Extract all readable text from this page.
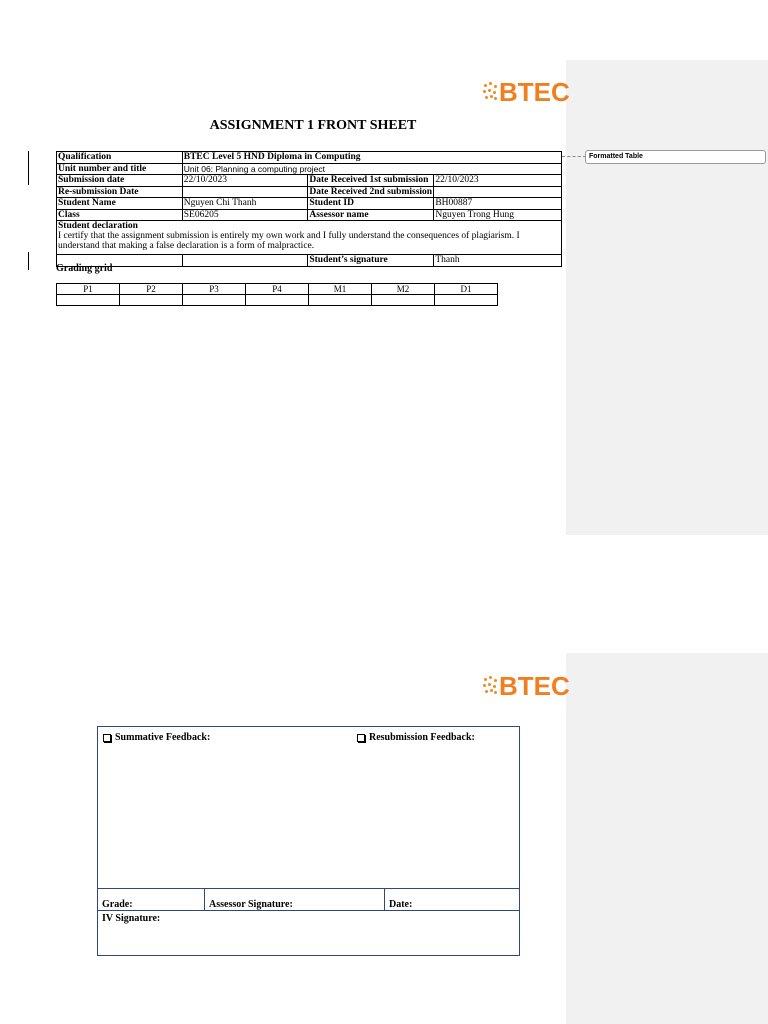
BTEC
ASSIGNMENT 1 FRONT SHEET
Qualification	BTEC Level 5 HND Diploma in Computing		
Unit number and title	Unit 06: Planning a computing project		
Submission date	22/10/2023	Date Received 1st submission	22/10/2023
Re-submission Date		Date Received 2nd submission	
Student Name	Nguyen Chi Thanh	Student ID	BH00887
Class	SE06205	Assessor name	Nguyen Trong Hung

Student declaration
I certify that the assignment submission is entirely my own work and I fully understand the consequences of plagiarism. I understand that making a false declaration is a form of malpractice.			
		Student’s signature	Thanh
Formatted Table
Grading grid
P1	P2	P3	P4	M1	M2	D1

BTEC
Summative Feedback:	Resubmission Feedback:
Grade:	Assessor Signature:	Date:
IV Signature:
